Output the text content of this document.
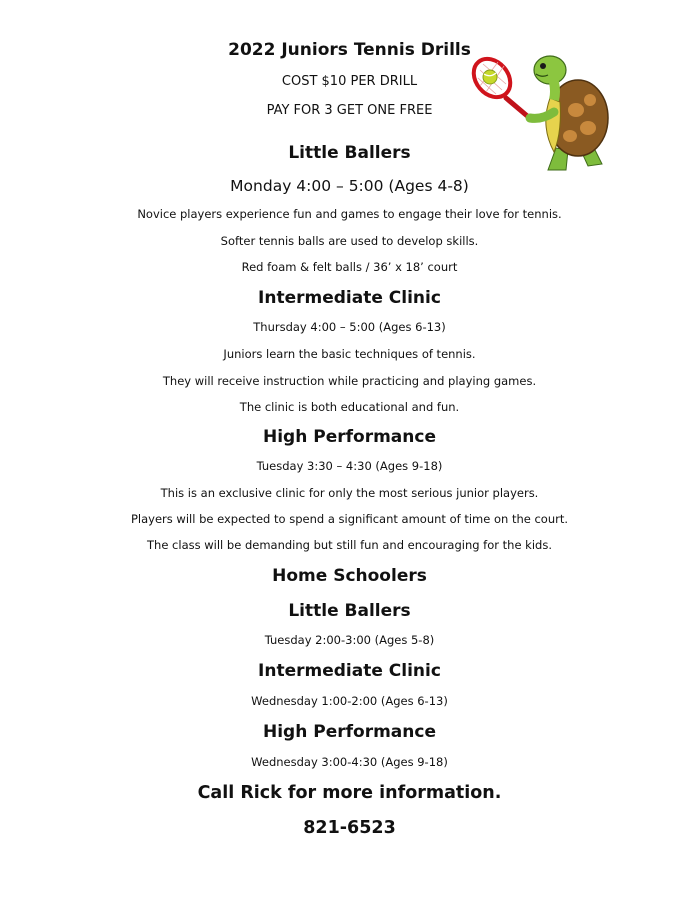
2022 Juniors Tennis Drills
COST $10 PER DRILL
PAY FOR 3 GET ONE FREE
Little Ballers
Monday 4:00 – 5:00 (Ages 4-8)
Novice players experience fun and games to engage their love for tennis.
Softer tennis balls are used to develop skills.
Red foam & felt balls / 36’ x 18’ court
Intermediate Clinic
Thursday 4:00 – 5:00 (Ages 6-13)
Juniors learn the basic techniques of tennis.
They will receive instruction while practicing and playing games.
The clinic is both educational and fun.
High Performance
Tuesday 3:30 – 4:30 (Ages 9-18)
This is an exclusive clinic for only the most serious junior players.
Players will be expected to spend a significant amount of time on the court.
The class will be demanding but still fun and encouraging for the kids.
Home Schoolers
Little Ballers
Tuesday 2:00-3:00 (Ages 5-8)
Intermediate Clinic
Wednesday 1:00-2:00 (Ages 6-13)
High Performance
Wednesday 3:00-4:30 (Ages 9-18)
Call Rick for more information.
821-6523
